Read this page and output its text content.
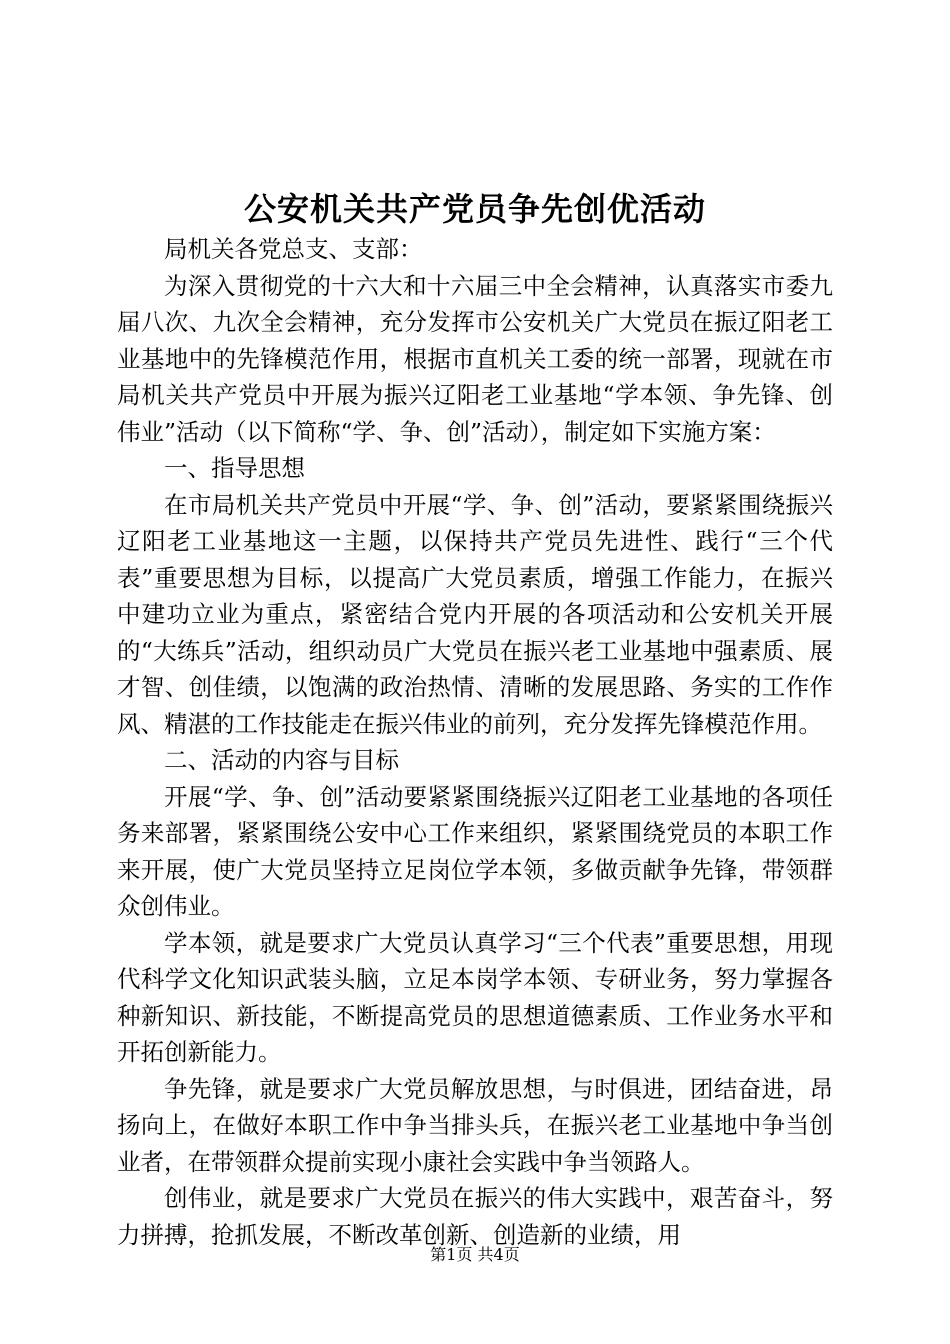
公安机关共产党员争先创优活动

局机关各党总支、支部：

为深入贯彻党的十六大和十六届三中全会精神，认真落实市委九届八次、九次全会精神，充分发挥市公安机关广大党员在振辽阳老工业基地中的先锋模范作用，根据市直机关工委的统一部署，现就在市局机关共产党员中开展为振兴辽阳老工业基地“学本领、争先锋、创伟业”活动（以下简称“学、争、创”活动），制定如下实施方案：

一、指导思想

在市局机关共产党员中开展“学、争、创”活动，要紧紧围绕振兴辽阳老工业基地这一主题，以保持共产党员先进性、践行“三个代表”重要思想为目标，以提高广大党员素质，增强工作能力，在振兴中建功立业为重点，紧密结合党内开展的各项活动和公安机关开展的“大练兵”活动，组织动员广大党员在振兴老工业基地中强素质、展才智、创佳绩，以饱满的政治热情、清晰的发展思路、务实的工作作风、精湛的工作技能走在振兴伟业的前列，充分发挥先锋模范作用。

二、活动的内容与目标

开展“学、争、创”活动要紧紧围绕振兴辽阳老工业基地的各项任务来部署，紧紧围绕公安中心工作来组织，紧紧围绕党员的本职工作来开展，使广大党员坚持立足岗位学本领，多做贡献争先锋，带领群众创伟业。

学本领，就是要求广大党员认真学习“三个代表”重要思想，用现代科学文化知识武装头脑，立足本岗学本领、专研业务，努力掌握各种新知识、新技能，不断提高党员的思想道德素质、工作业务水平和开拓创新能力。

争先锋，就是要求广大党员解放思想，与时俱进，团结奋进，昂扬向上，在做好本职工作中争当排头兵，在振兴老工业基地中争当创业者，在带领群众提前实现小康社会实践中争当领路人。

创伟业，就是要求广大党员在振兴的伟大实践中，艰苦奋斗，努力拼搏，抢抓发展，不断改革创新、创造新的业绩，用

第1页 共4页
